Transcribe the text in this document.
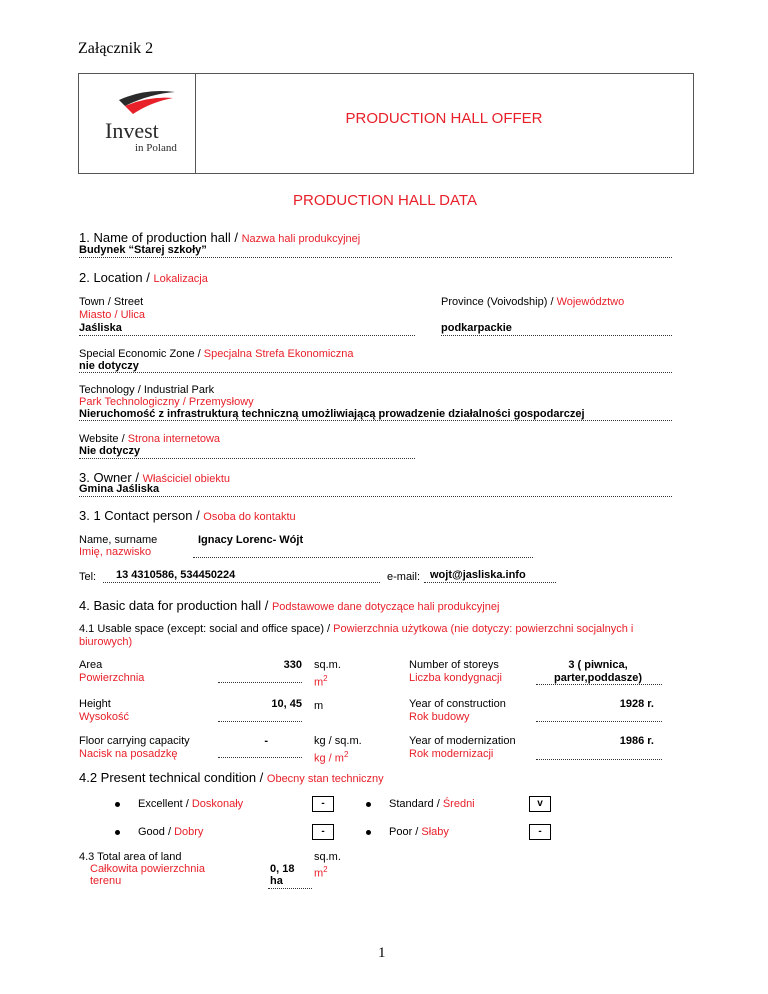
Załącznik 2
Invest
in Poland
PRODUCTION HALL OFFER
PRODUCTION HALL DATA
1. Name of production hall / Nazwa hali produkcyjnej
Budynek “Starej szkoły”
2. Location / Lokalizacja
Town / Street
Miasto / Ulica
Jaśliska
Province (Voivodship) / Województwo
podkarpackie
Special Economic Zone / Specjalna Strefa Ekonomiczna
nie dotyczy
Technology / Industrial Park
Park Technologiczny / Przemysłowy
Nieruchomość z infrastrukturą techniczną umożliwiającą prowadzenie działalności gospodarczej
Website / Strona internetowa
Nie dotyczy
3. Owner / Właściciel obiektu
Gmina Jaśliska
3. 1 Contact person / Osoba do kontaktu
Name, surname
Imię, nazwisko
Ignacy Lorenc- Wójt
Tel: 13 4310586, 534450224	e-mail: wojt@jasliska.info
4. Basic data for production hall / Podstawowe dane dotyczące hali produkcyjnej
4.1 Usable space (except: social and office space) / Powierzchnia użytkowa (nie dotyczy: powierzchni socjalnych i biurowych)
Area
Powierzchnia
330 sq.m.
$m^2$
Number of storeys
Liczba kondygnacji
3 ( piwnica,
parter,poddasze)
Height
Wysokość
10, 45 m	Year of construction
Rok budowy
1928 r.
Floor carrying capacity
Nacisk na posadzkę
-	kg / sq.m.
kg / $m^2$
Year of modernization
Rok modernizacji
1986 r.
4.2 Present technical condition / Obecny stan techniczny
Excellent / Doskonały	-	Standard / Średni	v
Good / Dobry	-	Poor / Słaby	-
4.3 Total area of land
Całkowita powierzchnia
terenu
0, 18
ha
sq.m.
$m^2$
1
